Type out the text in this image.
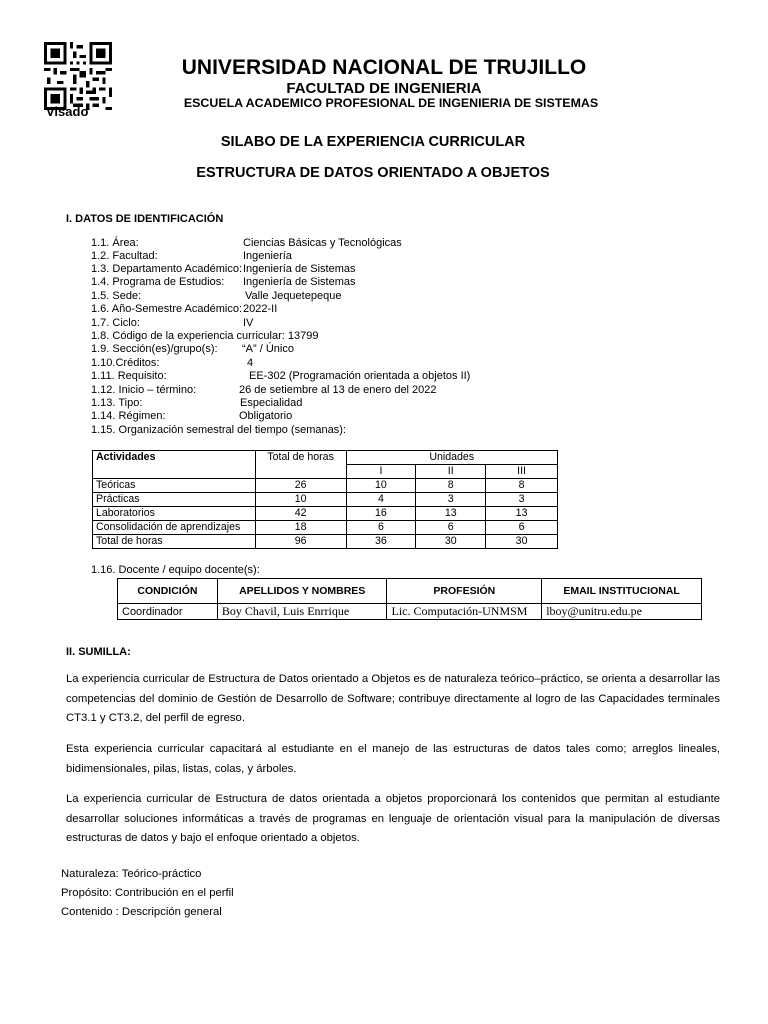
Visado
UNIVERSIDAD NACIONAL DE TRUJILLO
FACULTAD DE INGENIERIA
ESCUELA ACADEMICO PROFESIONAL DE INGENIERIA DE SISTEMAS
SILABO DE LA EXPERIENCIA CURRICULAR
ESTRUCTURA DE DATOS ORIENTADO A OBJETOS
I. DATOS DE IDENTIFICACIÓN
1.1. Área:	Ciencias Básicas y Tecnológicas
1.2. Facultad:	Ingeniería
1.3. Departamento Académico: Ingeniería de Sistemas
1.4. Programa de Estudios: Ingeniería de Sistemas
1.5. Sede:	Valle Jequetepeque
1.6. Año-Semestre Académico: 2022-II
1.7. Ciclo:	IV
1.8. Código de la experiencia curricular: 13799
1.9. Sección(es)/grupo(s): “A” / Único
1.10.Créditos:	4
1.11. Requisito:	EE-302 (Programación orientada a objetos II)
1.12. Inicio – término:	26 de setiembre al 13 de enero del 2022
1.13. Tipo:	Especialidad
1.14. Régimen:	Obligatorio
1.15. Organización semestral del tiempo (semanas):
Actividades	Total de horas	Unidades		
		I	II	III
Teóricas	26	10	8	8
Prácticas	10	4	3	3
Laboratorios	42	16	13	13
Consolidación de aprendizajes	18	6	6	6
Total de horas	96	36	30	30
1.16. Docente / equipo docente(s):
CONDICIÓN	APELLIDOS Y NOMBRES	PROFESIÓN	EMAIL INSTITUCIONAL
Coordinador	Boy Chavil, Luis Enrrique	Lic. Computación-UNMSM	lboy@unitru.edu.pe
II. SUMILLA:
La experiencia curricular de Estructura de Datos orientado a Objetos es de naturaleza teórico–práctico, se orienta a desarrollar las competencias del dominio de Gestión de Desarrollo de Software; contribuye directamente al logro de las Capacidades terminales CT3.1 y CT3.2, del perfil de egreso.
Esta experiencia curricular capacitará al estudiante en el manejo de las estructuras de datos tales como; arreglos lineales, bidimensionales, pilas, listas, colas, y árboles.
La experiencia curricular de Estructura de datos orientada a objetos proporcionará los contenidos que permitan al estudiante desarrollar soluciones informáticas a través de programas en lenguaje de orientación visual para la manipulación de diversas estructuras de datos y bajo el enfoque orientado a objetos.
Naturaleza: Teórico-práctico
Propósito: Contribución en el perfil
Contenido : Descripción general
